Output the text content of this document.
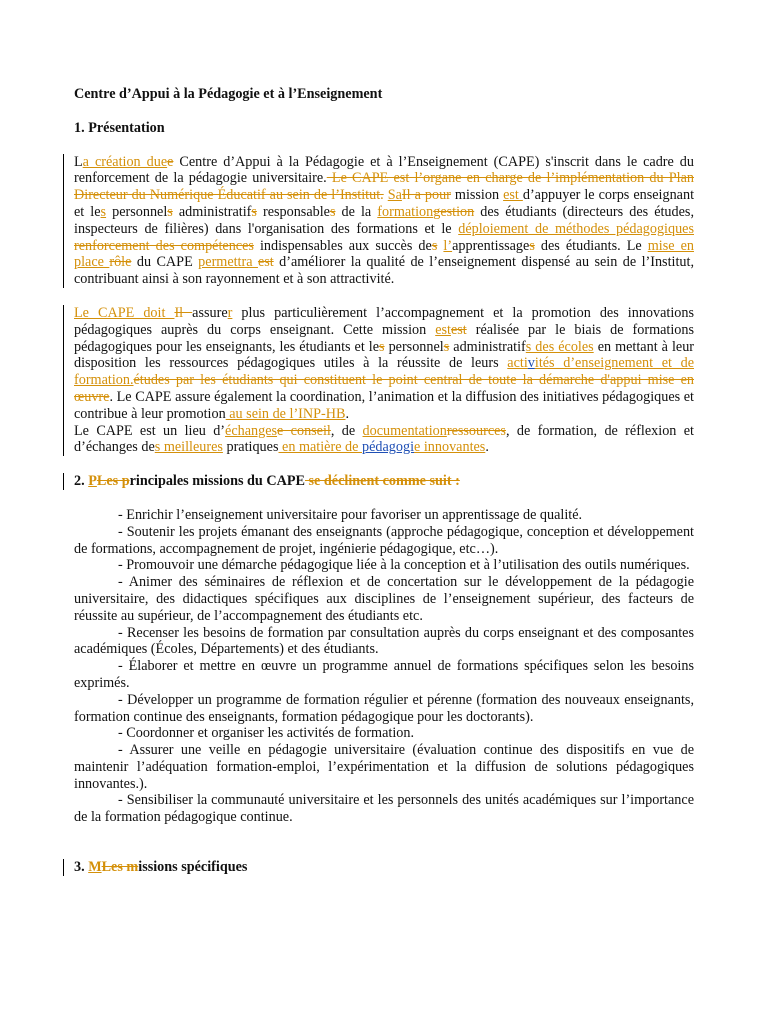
Centre d’Appui à la Pédagogie et à l’Enseignement

1. Présentation

La création duee Centre d’Appui à la Pédagogie et à l’Enseignement (CAPE) s'inscrit dans le cadre du renforcement de la pédagogie universitaire. Le CAPE est l’organe en charge de l’implémentation du Plan Directeur du Numérique Éducatif au sein de l’Institut. SaIl a pour mission est d’appuyer le corps enseignant et les personnels administratifs responsables de la formationgestion des étudiants (directeurs des études, inspecteurs de filières) dans l'organisation des formations et le déploiement de méthodes pédagogiques renforcement des compétences indispensables aux succès des l’apprentissages des étudiants. Le mise en place rôle du CAPE permettra est d’améliorer la qualité de l’enseignement dispensé au sein de l’Institut, contribuant ainsi à son rayonnement et à son attractivité.

Le CAPE doit Il assurer plus particulièrement l’accompagnement et la promotion des innovations pédagogiques auprès du corps enseignant. Cette mission estest réalisée par le biais de formations pédagogiques pour les enseignants, les étudiants et les personnels administratifs des écoles en mettant à leur disposition les ressources pédagogiques utiles à la réussite de leurs activités d’enseignement et de formation.études par les étudiants qui constituent le point central de toute la démarche d'appui mise en œuvre. Le CAPE assure également la coordination, l’animation et la diffusion des initiatives pédagogiques et contribue à leur promotion au sein de l’INP-HB.

Le CAPE est un lieu d’échangese conseil, de documentationressources, de formation, de réflexion et d’échanges des meilleures pratiques en matière de pédagogie innovantes.

2. PLes principales missions du CAPE se déclinent comme suit :

- Enrichir l’enseignement universitaire pour favoriser un apprentissage de qualité.

- Soutenir les projets émanant des enseignants (approche pédagogique, conception et développement de formations, accompagnement de projet, ingénierie pédagogique, etc…).

- Promouvoir une démarche pédagogique liée à la conception et à l’utilisation des outils numériques.

- Animer des séminaires de réflexion et de concertation sur le développement de la pédagogie universitaire, des didactiques spécifiques aux disciplines de l’enseignement supérieur, des facteurs de réussite au supérieur, de l’accompagnement des étudiants etc.

- Recenser les besoins de formation par consultation auprès du corps enseignant et des composantes académiques (Écoles, Départements) et des étudiants.

- Élaborer et mettre en œuvre un programme annuel de formations spécifiques selon les besoins exprimés.

- Développer un programme de formation régulier et pérenne (formation des nouveaux enseignants, formation continue des enseignants, formation pédagogique pour les doctorants).

- Coordonner et organiser les activités de formation.

- Assurer une veille en pédagogie universitaire (évaluation continue des dispositifs en vue de maintenir l’adéquation formation-emploi, l’expérimentation et la diffusion de solutions pédagogiques innovantes.).

- Sensibiliser la communauté universitaire et les personnels des unités académiques sur l’importance de la formation pédagogique continue.

3. MLes missions spécifiques
